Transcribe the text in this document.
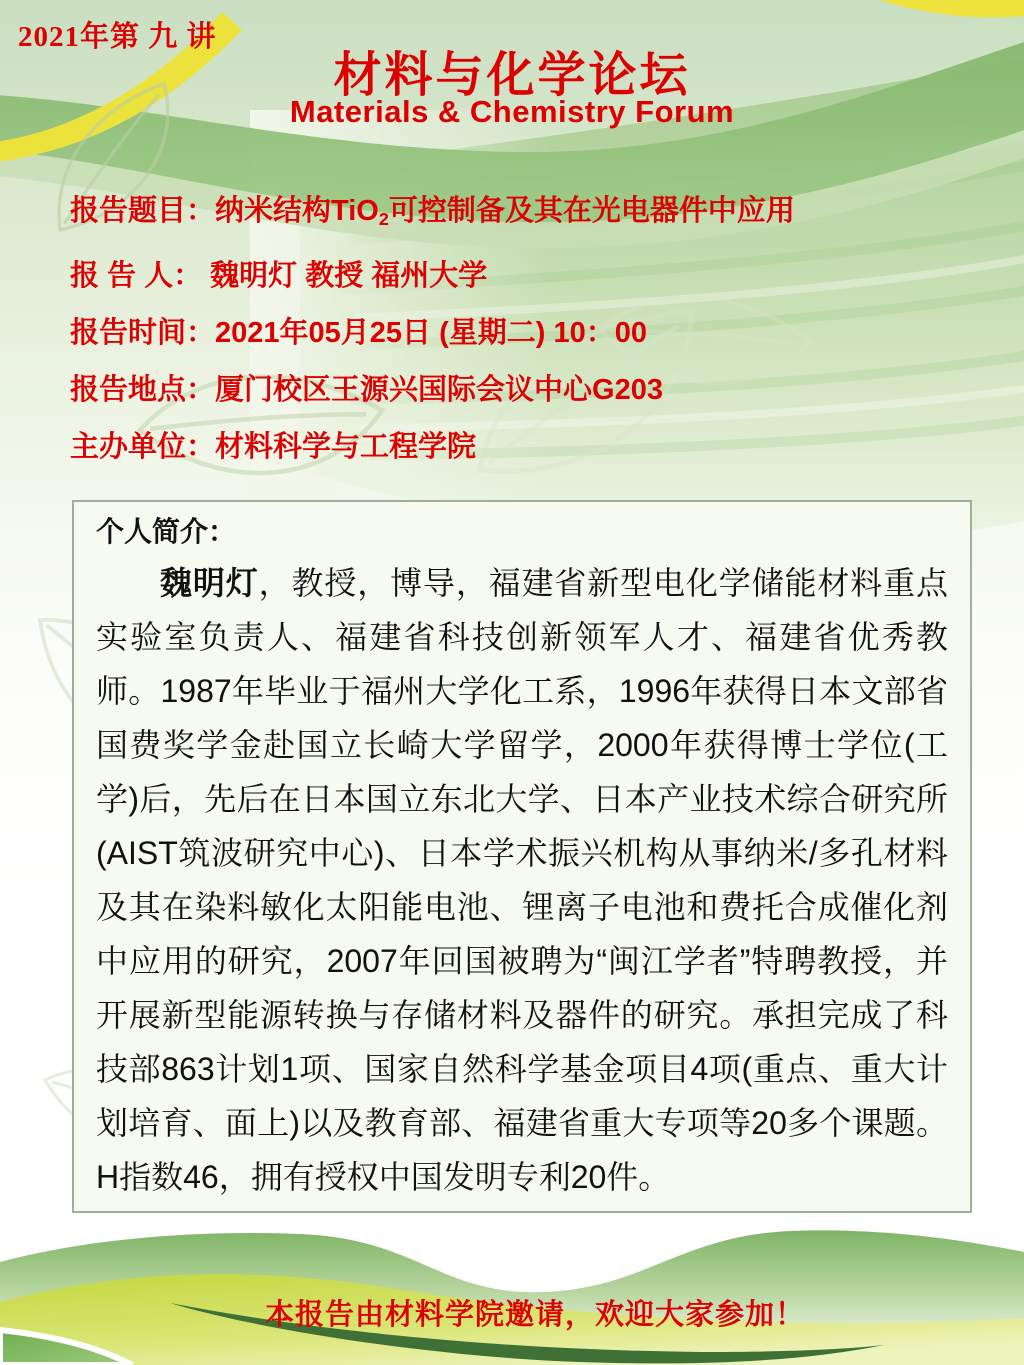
2021年第 九 讲
材料与化学论坛
Materials & Chemistry Forum
报告题目：纳米结构TiO$_2$可控制备及其在光电器件中应用
报 告 人： 魏明灯 教授 福州大学
报告时间：2021年05月25日 (星期二) 10：00
报告地点：厦门校区王源兴国际会议中心G203
主办单位：材料科学与工程学院
个人简介：

魏明灯，教授，博导，福建省新型电化学储能材料重点实验室负责人、福建省科技创新领军人才、福建省优秀教师。1987年毕业于福州大学化工系，1996年获得日本文部省国费奖学金赴国立长崎大学留学，2000年获得博士学位(工学)后，先后在日本国立东北大学、日本产业技术综合研究所(AIST筑波研究中心)、日本学术振兴机构从事纳米/多孔材料及其在染料敏化太阳能电池、锂离子电池和费托合成催化剂中应用的研究，2007年回国被聘为“闽江学者”特聘教授，并开展新型能源转换与存储材料及器件的研究。承担完成了科技部863计划1项、国家自然科学基金项目4项(重点、重大计划培育、面上)以及教育部、福建省重大专项等20多个课题。H指数46，拥有授权中国发明专利20件。

本报告由材料学院邀请，欢迎大家参加！
